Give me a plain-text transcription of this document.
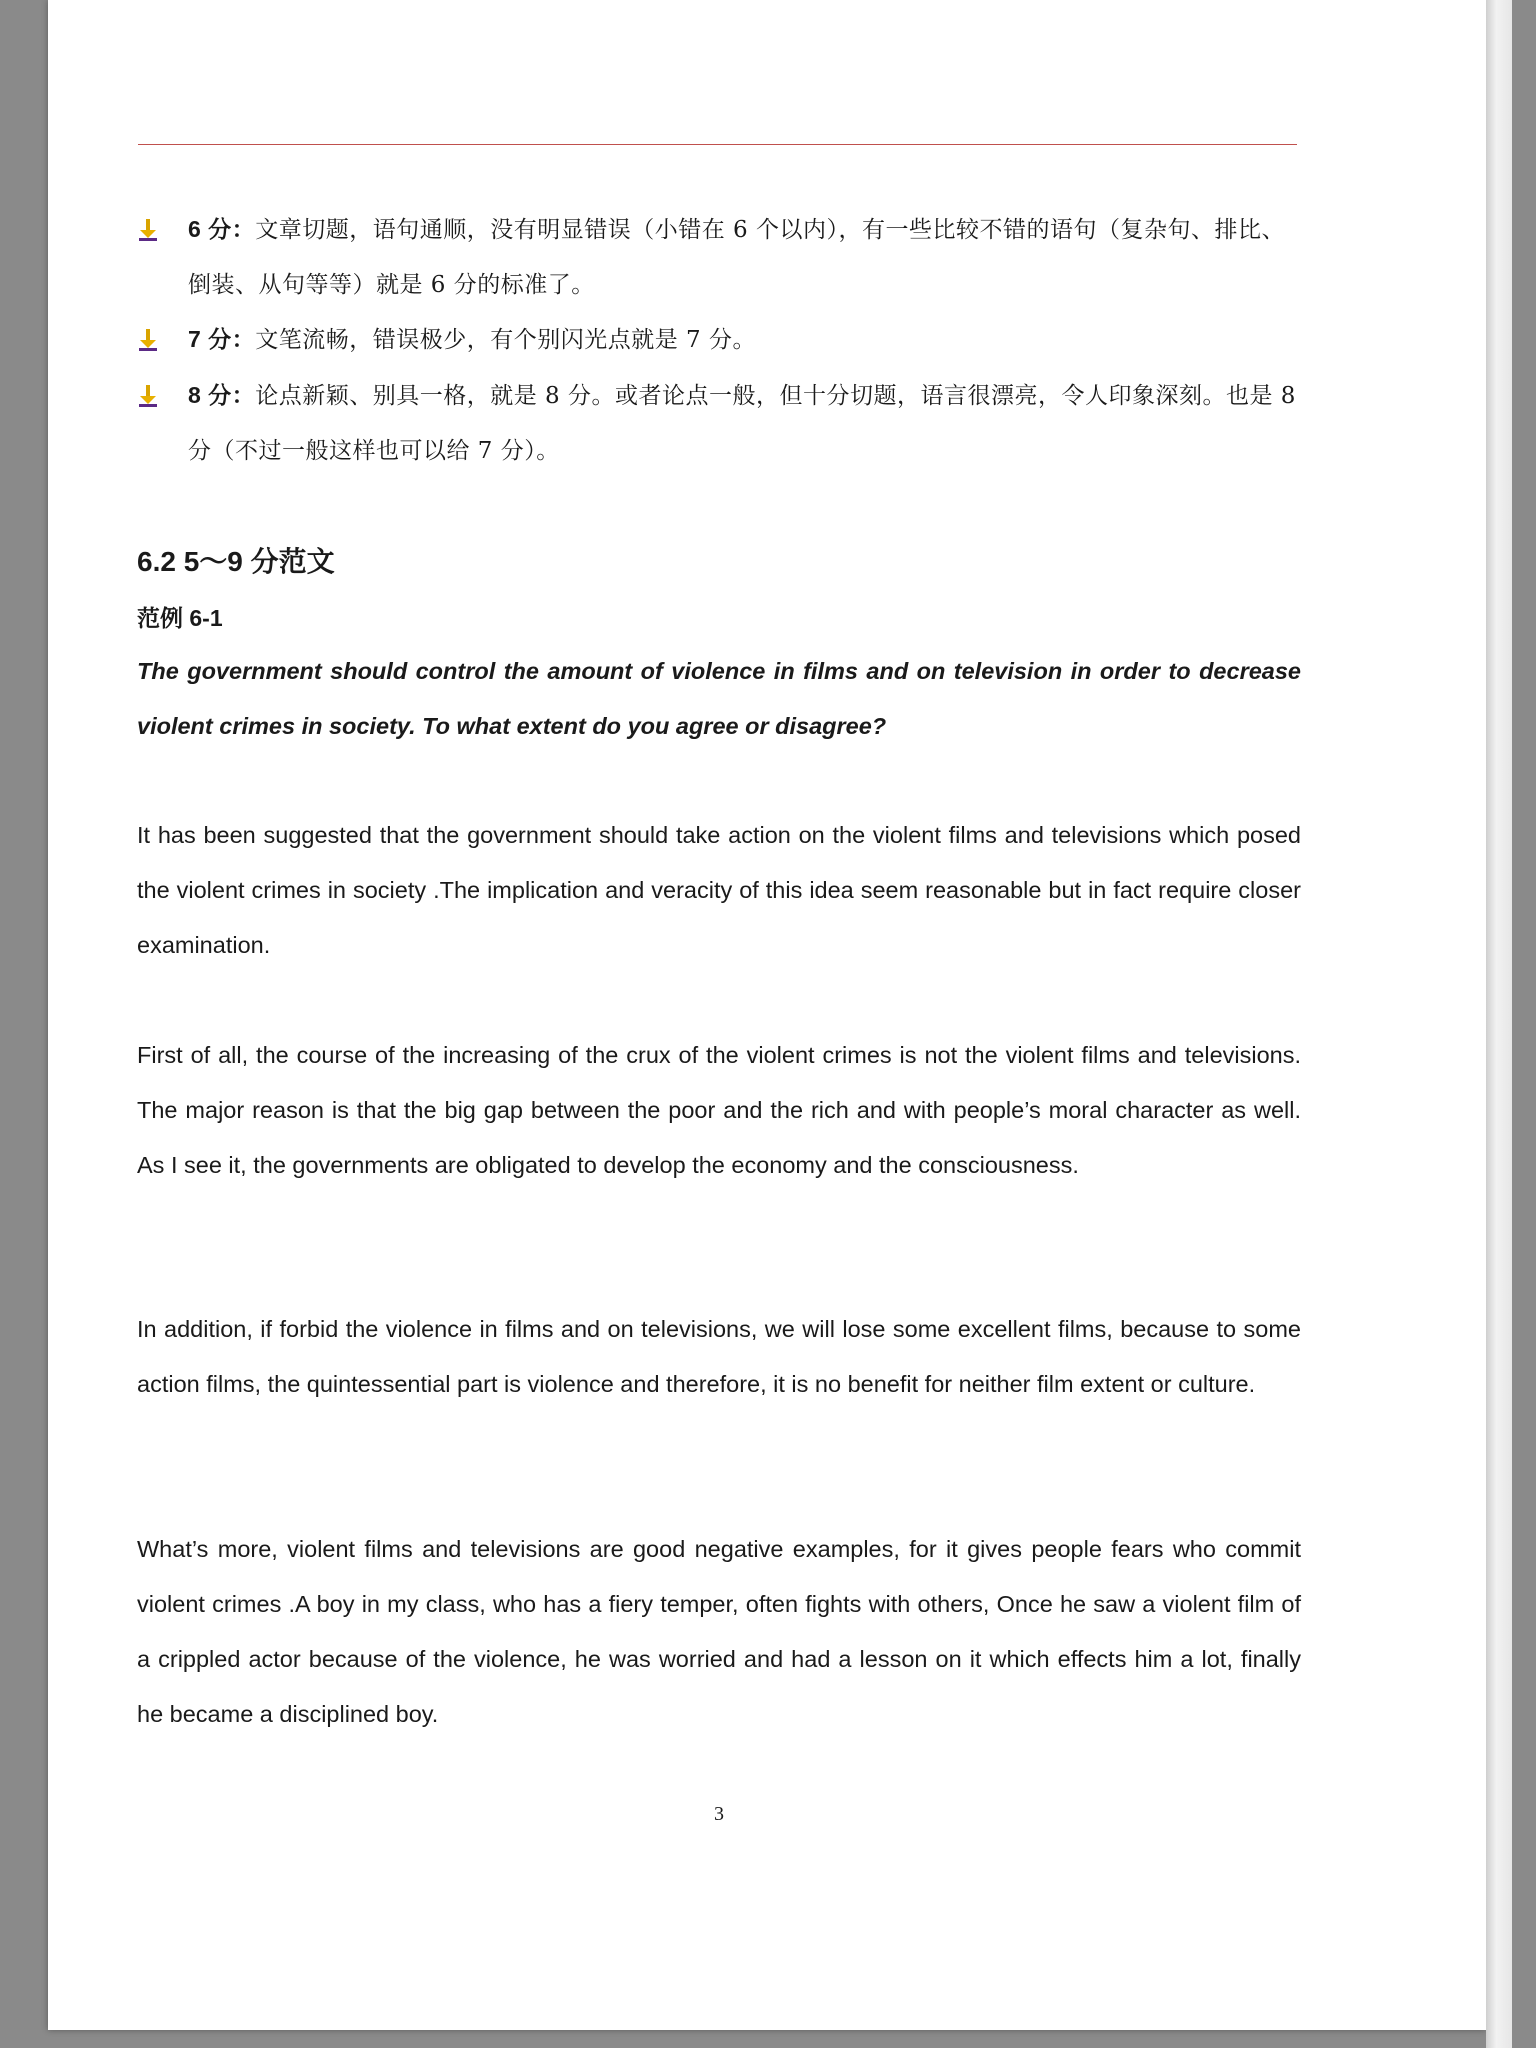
6 分：文章切题，语句通顺，没有明显错误（小错在 6 个以内），有一些比较不错的语句（复杂句、排比、倒装、从句等等）就是 6 分的标准了。
7 分：文笔流畅，错误极少，有个别闪光点就是 7 分。
8 分：论点新颖、别具一格，就是 8 分。或者论点一般，但十分切题，语言很漂亮，令人印象深刻。也是 8 分（不过一般这样也可以给 7 分）。
6.2 5～9 分范文
范例 6-1
The government should control the amount of violence in films and on television in order to decrease violent crimes in society. To what extent do you agree or disagree?
It has been suggested that the government should take action on the violent films and televisions which posed the violent crimes in society .The implication and veracity of this idea seem reasonable but in fact require closer examination.
First of all, the course of the increasing of the crux of the violent crimes is not the violent films and televisions. The major reason is that the big gap between the poor and the rich and with people’s moral character as well. As I see it, the governments are obligated to develop the economy and the consciousness.
In addition, if forbid the violence in films and on televisions, we will lose some excellent films, because to some action films, the quintessential part is violence and therefore, it is no benefit for neither film extent or culture.
What’s more, violent films and televisions are good negative examples, for it gives people fears who commit violent crimes .A boy in my class, who has a fiery temper, often fights with others, Once he saw a violent film of a crippled actor because of the violence, he was worried and had a lesson on it which effects him a lot, finally he became a disciplined boy.
3
